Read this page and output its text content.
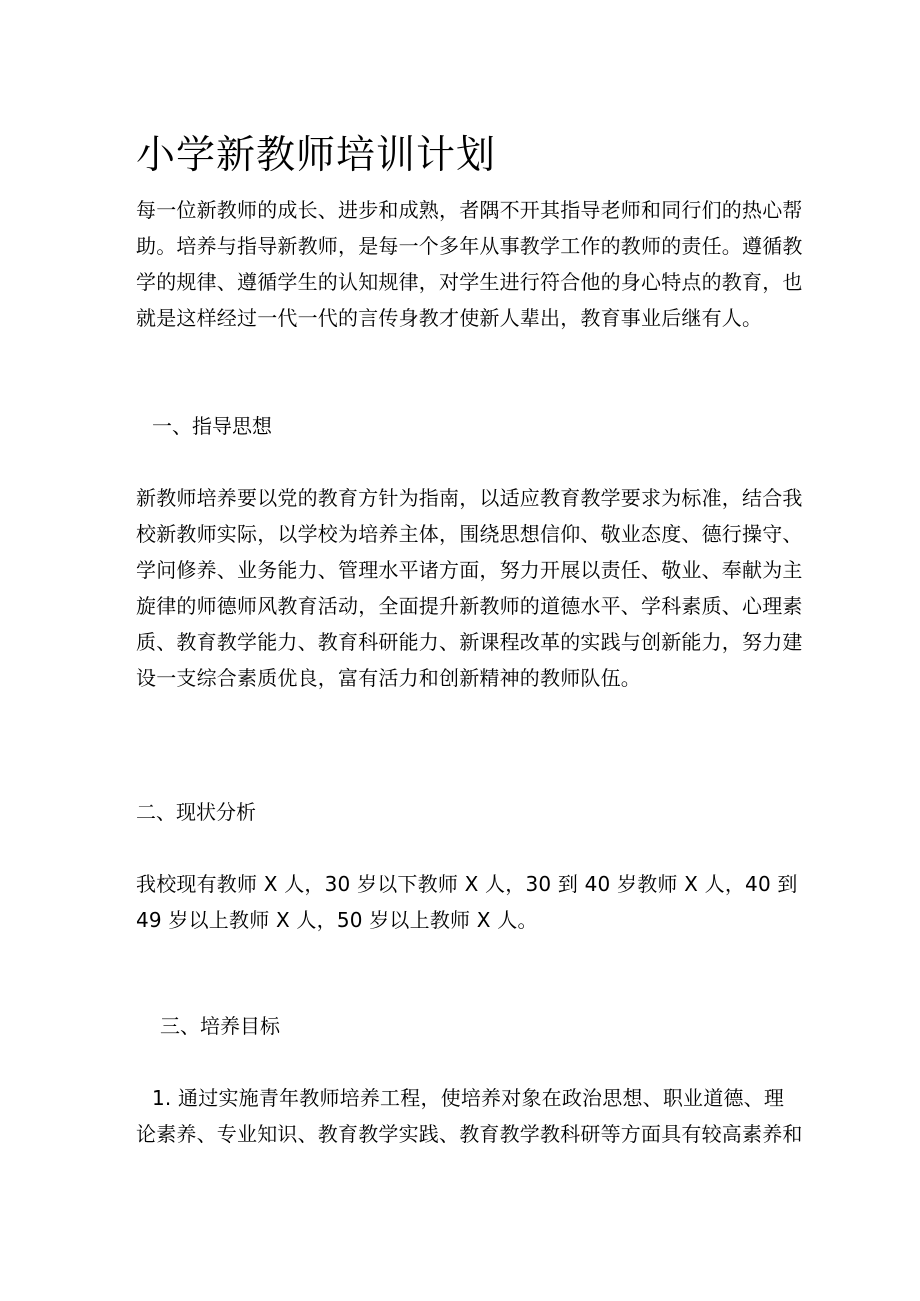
小学新教师培训计划

每一位新教师的成长、进步和成熟，者隅不开其指导老师和同行们的热心帮
助。培养与指导新教师，是每一个多年从事教学工作的教师的责任。遵循教
学的规律、遵循学生的认知规律，对学生进行符合他的身心特点的教育，也
就是这样经过一代一代的言传身教才使新人辈出，教育事业后继有人。

一、指导思想

新教师培养要以党的教育方针为指南，以适应教育教学要求为标准，结合我
校新教师实际，以学校为培养主体，围绕思想信仰、敬业态度、德行操守、
学问修养、业务能力、管理水平诸方面，努力开展以责任、敬业、奉献为主
旋律的师德师风教育活动，全面提升新教师的道德水平、学科素质、心理素
质、教育教学能力、教育科研能力、新课程改革的实践与创新能力，努力建
设一支综合素质优良，富有活力和创新精神的教师队伍。

二、现状分析

我校现有教师 X 人，30 岁以下教师 X 人，30 到 40 岁教师 X 人，40 到
49 岁以上教师 X 人，50 岁以上教师 X 人。

三、培养目标

1. 通过实施青年教师培养工程，使培养对象在政治思想、职业道德、理
论素养、专业知识、教育教学实践、教育教学教科研等方面具有较高素养和
